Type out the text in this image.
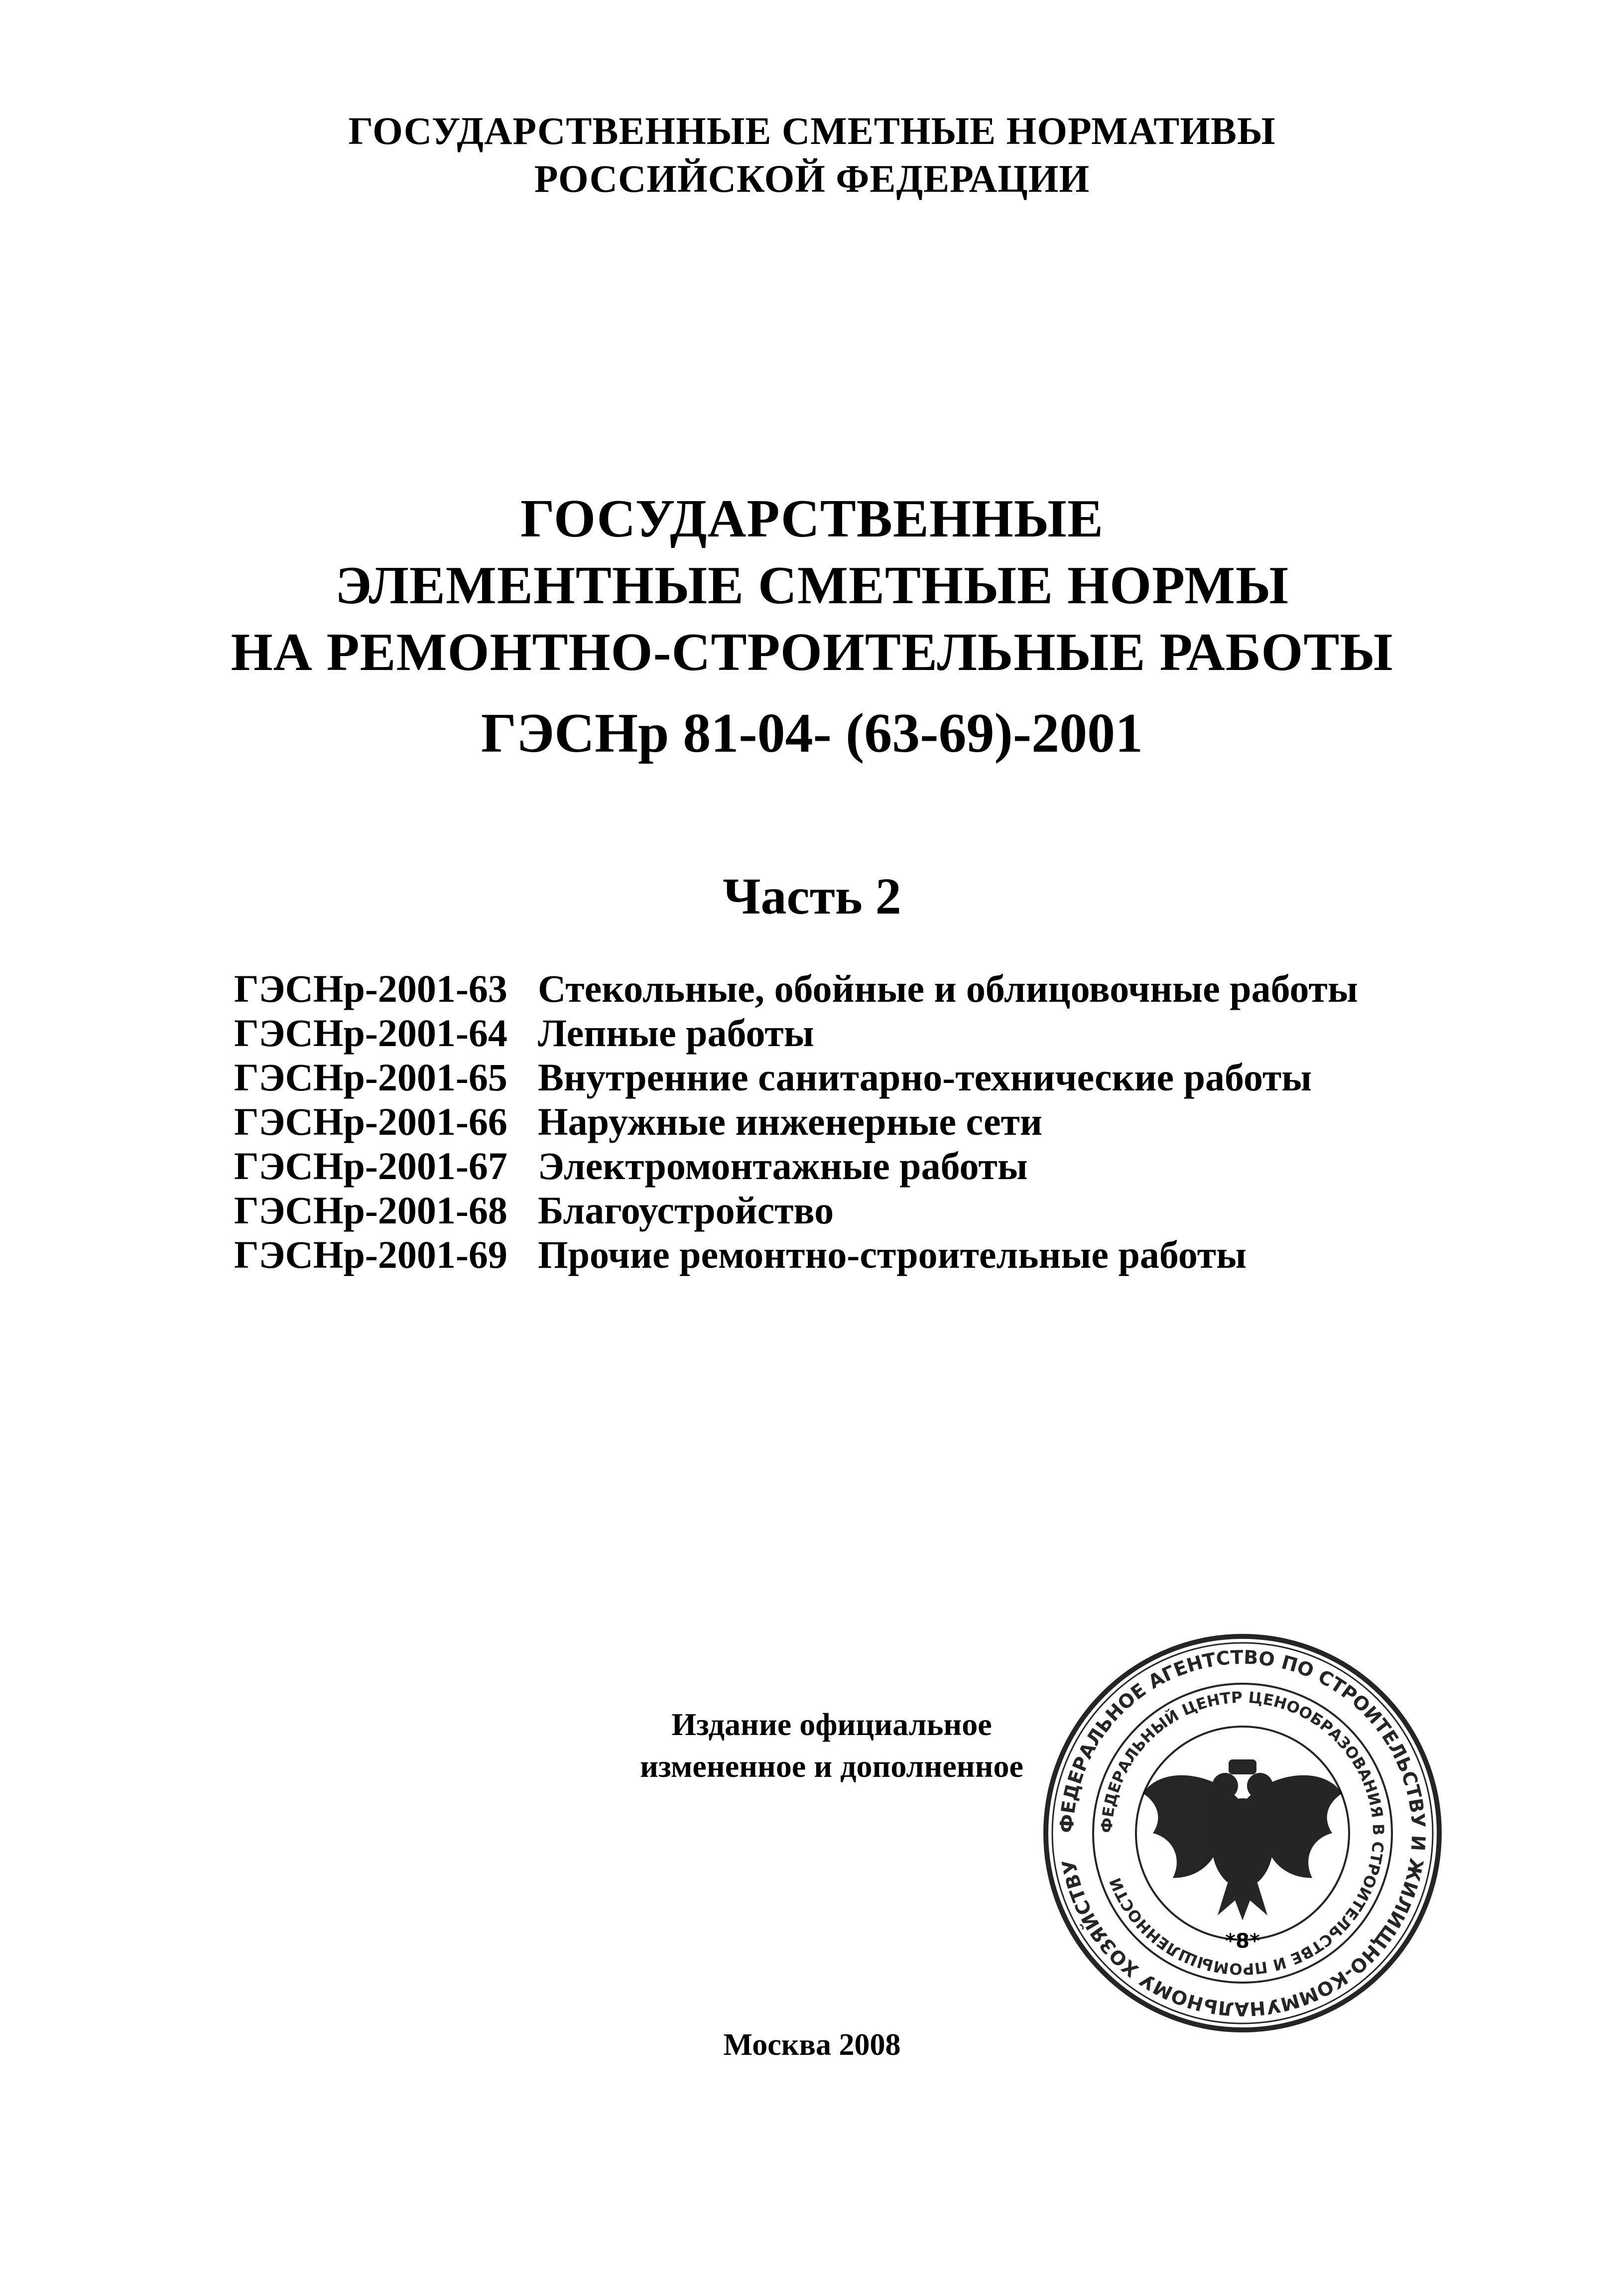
ГОСУДАРСТВЕННЫЕ СМЕТНЫЕ НОРМАТИВЫ
РОССИЙСКОЙ ФЕДЕРАЦИИ
ГОСУДАРСТВЕННЫЕ
ЭЛЕМЕНТНЫЕ СМЕТНЫЕ НОРМЫ
НА РЕМОНТНО-СТРОИТЕЛЬНЫЕ РАБОТЫ
ГЭСНр 81-04- (63-69)-2001
Часть 2
ГЭСНр-2001-63 Стекольные, обойные и облицовочные работы
ГЭСНр-2001-64 Лепные работы
ГЭСНр-2001-65 Внутренние санитарно-технические работы
ГЭСНр-2001-66 Наружные инженерные сети
ГЭСНр-2001-67 Электромонтажные работы
ГЭСНр-2001-68 Благоустройство
ГЭСНр-2001-69 Прочие ремонтно-строительные работы
Издание официальное
измененное и дополненное
ФЕДЕРАЛЬНОЕ АГЕНТСТВО ПО СТРОИТЕЛЬСТВУ И ЖИЛИЩНО-КОММУНАЛЬНОМУ ХОЗЯЙСТВУ
ФЕДЕРАЛЬНЫЙ ЦЕНТР ЦЕНООБРАЗОВАНИЯ В СТРОИТЕЛЬСТВЕ И ПРОМЫШЛЕННОСТИ
*8*
Москва 2008
